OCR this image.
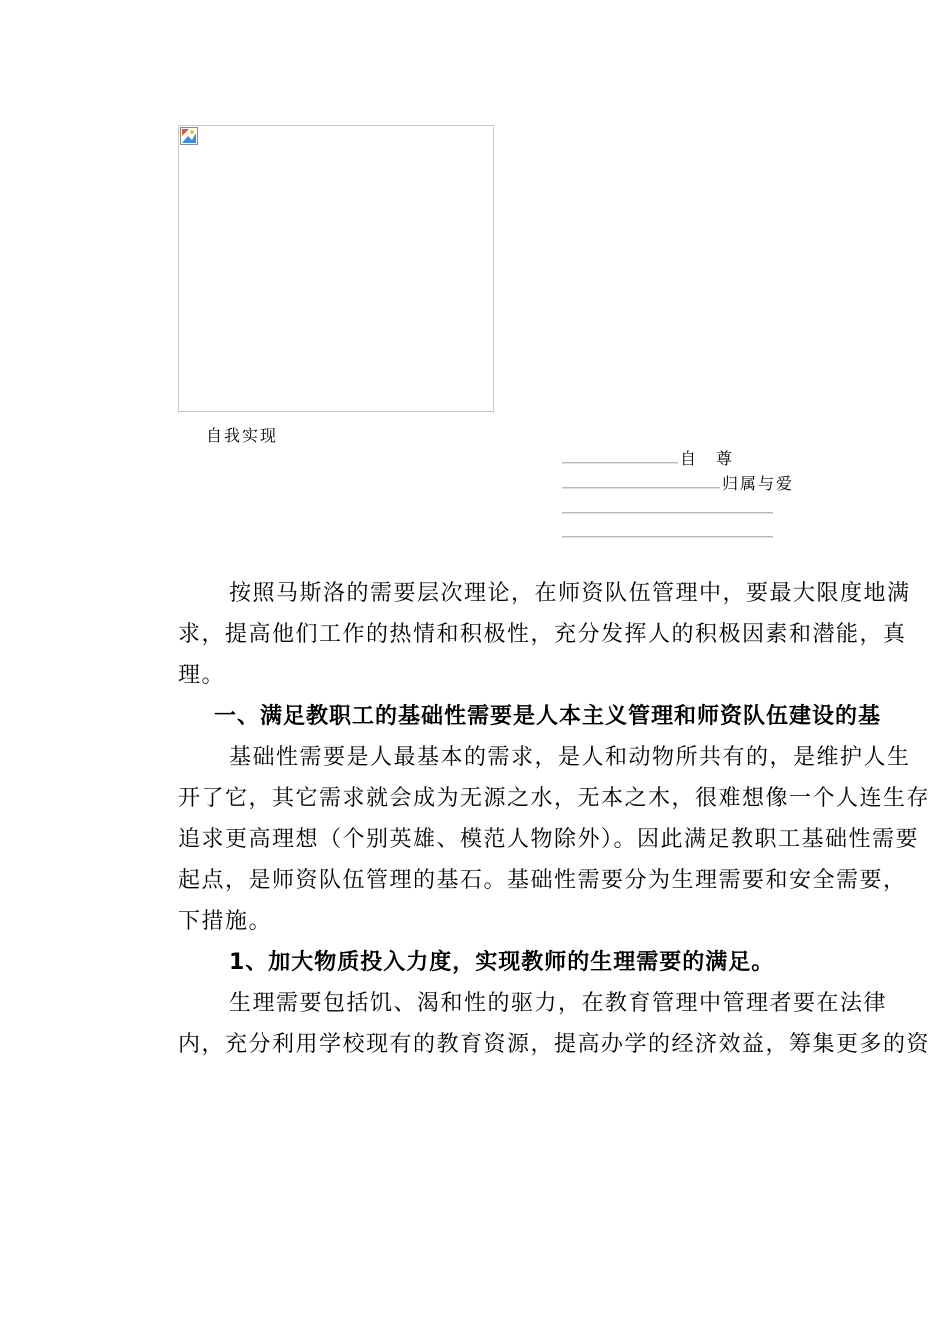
自我实现
自　尊
归属与爱
按照马斯洛的需要层次理论，在师资队伍管理中，要最大限度地满
求，提高他们工作的热情和积极性，充分发挥人的积极因素和潜能，真
理。
一、满足教职工的基础性需要是人本主义管理和师资队伍建设的基
基础性需要是人最基本的需求，是人和动物所共有的，是维护人生
开了它，其它需求就会成为无源之水，无本之木，很难想像一个人连生存
追求更高理想（个别英雄、模范人物除外）。因此满足教职工基础性需要
起点，是师资队伍管理的基石。基础性需要分为生理需要和安全需要，
下措施。
1、加大物质投入力度，实现教师的生理需要的满足。
生理需要包括饥、渴和性的驱力，在教育管理中管理者要在法律
内，充分利用学校现有的教育资源，提高办学的经济效益，筹集更多的资
